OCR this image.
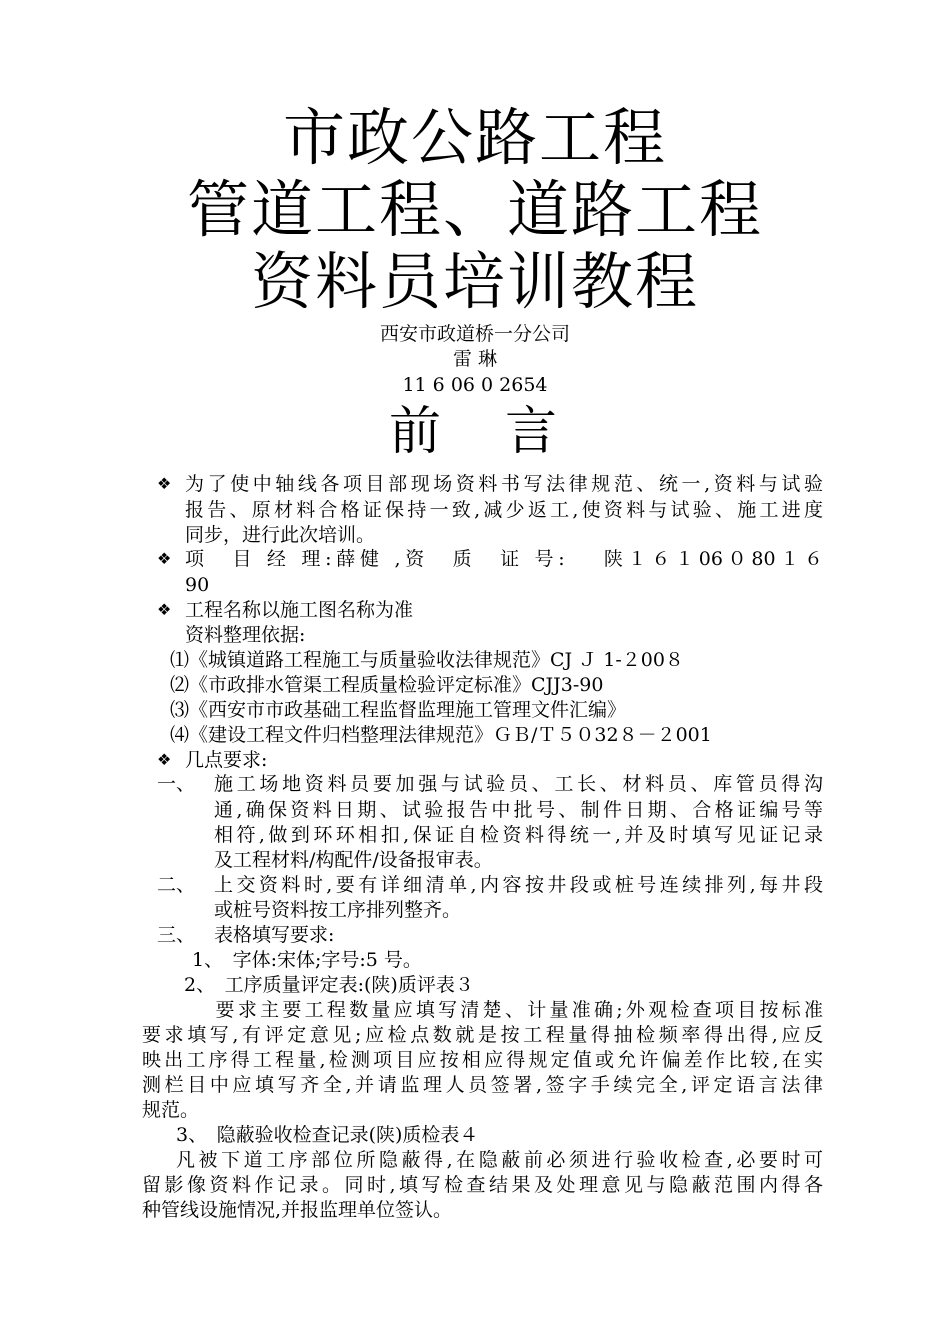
市政公路工程
管道工程、道路工程
资料员培训教程
西安市政道桥一分公司
雷 琳
11 6 06 0 2654
前 言
❖ 为了使中轴线各项目部现场资料书写法律规范、统一,资料与试验
报告、原材料合格证保持一致,减少返工,使资料与试验、施工进度
同步，进行此次培训。
❖ 项　目 经 理:薛健 ,资　质　证 号:　 陕１６１06０80１６
90
❖ 工程名称以施工图名称为准
资料整理依据:
⑴《城镇道路工程施工与质量验收法律规范》CJ Ｊ 1-２00８
⑵《市政排水管渠工程质量检验评定标准》CJJ3-90
⑶《西安市市政基础工程监督监理施工管理文件汇编》
⑷《建设工程文件归档整理法律规范》ＧＢ/Ｔ５０32８－２001
❖ 几点要求:
一、 施工场地资料员要加强与试验员、工长、材料员、库管员得沟
通,确保资料日期、试验报告中批号、制件日期、合格证编号等
相符,做到环环相扣,保证自检资料得统一,并及时填写见证记录
及工程材料/构配件/设备报审表。
二、 上交资料时,要有详细清单,内容按井段或桩号连续排列,每井段
或桩号资料按工序排列整齐。
三、 表格填写要求:
1、　字体:宋体;字号:5 号。
2、　工序质量评定表:(陕)质评表３
　 要求主要工程数量应填写清楚、计量准确;外观检查项目按标准
要求填写,有评定意见;应检点数就是按工程量得抽检频率得出得,应反
映出工序得工程量,检测项目应按相应得规定值或允许偏差作比较,在实
测栏目中应填写齐全,并请监理人员签署,签字手续完全,评定语言法律
规范。
3、　隐蔽验收检查记录(陕)质检表４
凡被下道工序部位所隐蔽得,在隐蔽前必须进行验收检查,必要时可
留影像资料作记录。同时,填写检查结果及处理意见与隐蔽范围内得各
种管线设施情况,并报监理单位签认。
